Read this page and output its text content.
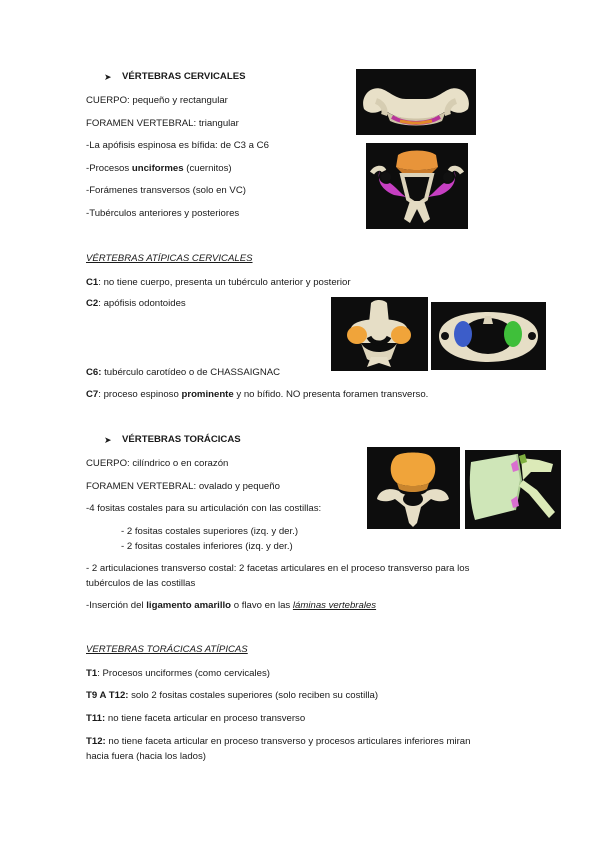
➤ VÉRTEBRAS CERVICALES
CUERPO: pequeño y rectangular
FORAMEN VERTEBRAL: triangular
-La apófisis espinosa es bífida: de C3 a C6
-Procesos unciformes (cuernitos)
-Forámenes transversos (solo en VC)
-Tubérculos anteriores y posteriores
VÉRTEBRAS ATÍPICAS CERVICALES
C1: no tiene cuerpo, presenta un tubérculo anterior y posterior
C2: apófisis odontoides
C6: tubérculo carotídeo o de CHASSAIGNAC
C7: proceso espinoso prominente y no bífido. NO presenta foramen transverso.
➤ VÉRTEBRAS TORÁCICAS
CUERPO: cilíndrico o en corazón
FORAMEN VERTEBRAL: ovalado y pequeño
-4 fositas costales para su articulación con las costillas:
- 2 fositas costales superiores (izq. y der.)
- 2 fositas costales inferiores (izq. y der.)
- 2 articulaciones transverso costal: 2 facetas articulares en el proceso transverso para los
tubérculos de las costillas
-Inserción del ligamento amarillo o flavo en las láminas vertebrales
VERTEBRAS TORÁCICAS ATÍPICAS
T1: Procesos unciformes (como cervicales)
T9 A T12: solo 2 fositas costales superiores (solo reciben su costilla)
T11: no tiene faceta articular en proceso transverso
T12: no tiene faceta articular en proceso transverso y procesos articulares inferiores miran
hacia fuera (hacia los lados)
